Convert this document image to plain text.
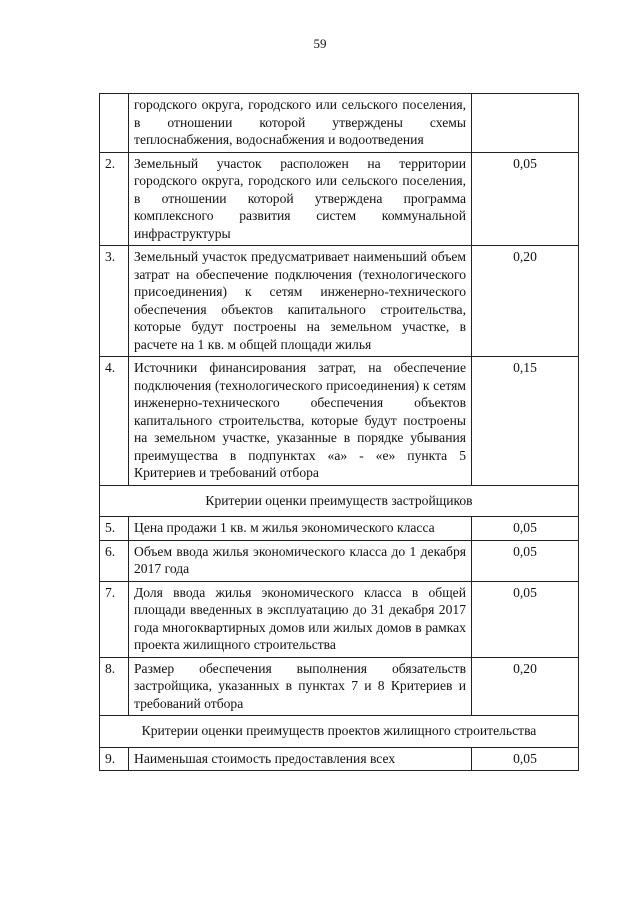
59
	городского округа, городского или сельского поселения, в отношении которой утверждены схемы теплоснабжения, водоснабжения и водоотведения	
2.	Земельный участок расположен на территории городского округа, городского или сельского поселения, в отношении которой утверждена программа комплексного развития систем коммунальной инфраструктуры	0,05
3.	Земельный участок предусматривает наименьший объем затрат на обеспечение подключения (технологического присоединения) к сетям инженерно-технического обеспечения объектов капитального строительства, которые будут построены на земельном участке, в расчете на 1 кв. м общей площади жилья	0,20
4.	Источники финансирования затрат, на обеспечение подключения (технологического присоединения) к сетям инженерно-технического обеспечения объектов капитального строительства, которые будут построены на земельном участке, указанные в порядке убывания преимущества в подпунктах «а» - «е» пункта 5 Критериев и требований отбора	0,15
Критерии оценки преимуществ застройщиков		
5.	Цена продажи 1 кв. м жилья экономического класса	0,05
6.	Объем ввода жилья экономического класса до 1 декабря 2017 года	0,05
7.	Доля ввода жилья экономического класса в общей площади введенных в эксплуатацию до 31 декабря 2017 года многоквартирных домов или жилых домов в рамках проекта жилищного строительства	0,05
8.	Размер обеспечения выполнения обязательств застройщика, указанных в пунктах 7 и 8 Критериев и требований отбора	0,20
Критерии оценки преимуществ проектов жилищного строительства		
9.	Наименьшая стоимость предоставления всех	0,05
